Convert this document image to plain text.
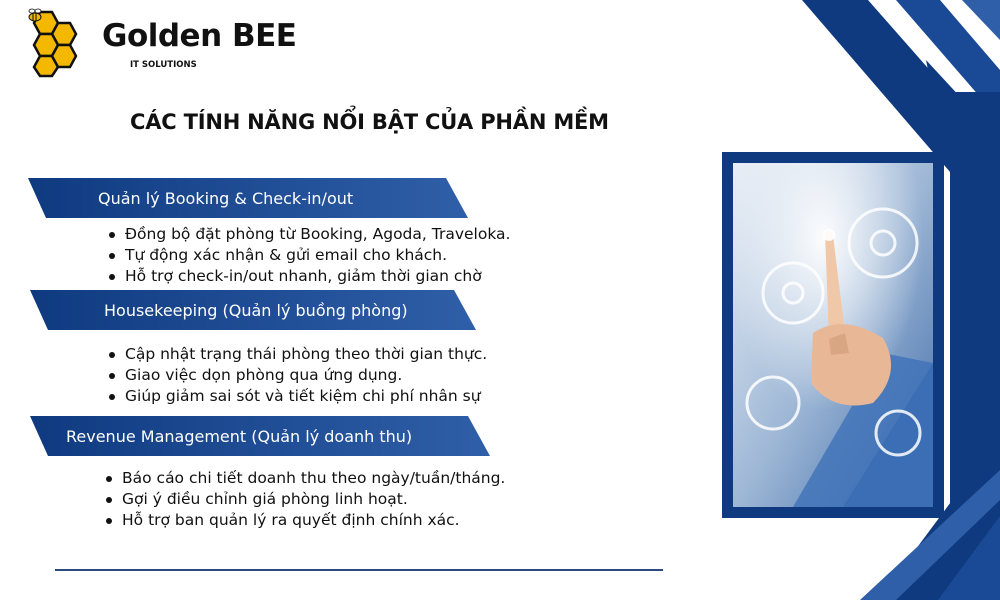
Golden BEE
IT SOLUTIONS
CÁC TÍNH NĂNG NỔI BẬT CỦA PHẦN MỀM
Quản lý Booking & Check-in/out
Đồng bộ đặt phòng từ Booking, Agoda, Traveloka.
Tự động xác nhận & gửi email cho khách.
Hỗ trợ check-in/out nhanh, giảm thời gian chờ
Housekeeping (Quản lý buồng phòng)
Cập nhật trạng thái phòng theo thời gian thực.
Giao việc dọn phòng qua ứng dụng.
Giúp giảm sai sót và tiết kiệm chi phí nhân sự
Revenue Management (Quản lý doanh thu)
Báo cáo chi tiết doanh thu theo ngày/tuần/tháng.
Gợi ý điều chỉnh giá phòng linh hoạt.
Hỗ trợ ban quản lý ra quyết định chính xác.
